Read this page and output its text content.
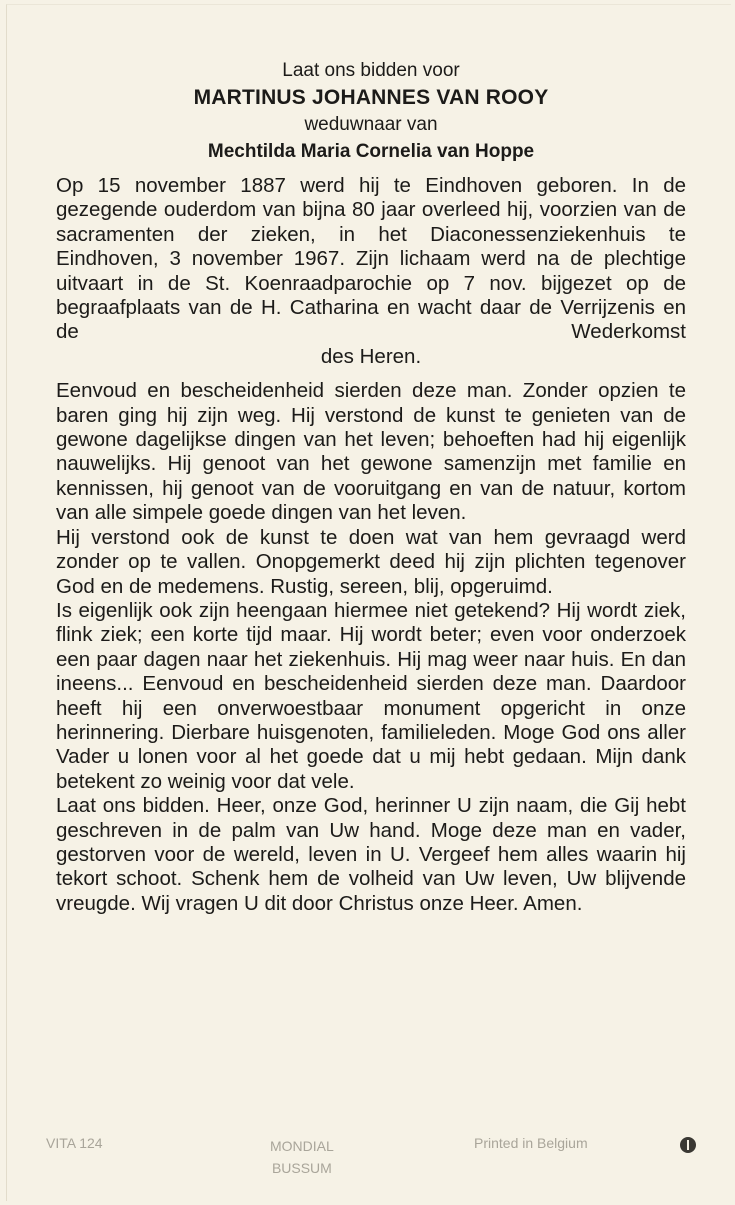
Laat ons bidden voor

MARTINUS JOHANNES VAN ROOY

weduwnaar van

Mechtilda Maria Cornelia van Hoppe

Op 15 november 1887 werd hij te Eindhoven geboren. In de gezegende ouderdom van bijna 80 jaar overleed hij, voorzien van de sacramenten der zieken, in het Diaconessenziekenhuis te Eindhoven, 3 november 1967. Zijn lichaam werd na de plechtige uitvaart in de St. Koenraadparochie op 7 nov. bijgezet op de begraafplaats van de H. Catharina en wacht daar de Verrijzenis en de Wederkomst

des Heren.

Eenvoud en bescheidenheid sierden deze man. Zonder opzien te baren ging hij zijn weg. Hij verstond de kunst te genieten van de gewone dagelijkse dingen van het leven; behoeften had hij eigenlijk nauwelijks. Hij genoot van het gewone samenzijn met familie en kennissen, hij genoot van de vooruitgang en van de natuur, kortom van alle simpele goede dingen van het leven.

Hij verstond ook de kunst te doen wat van hem gevraagd werd zonder op te vallen. Onopgemerkt deed hij zijn plichten tegenover God en de medemens. Rustig, sereen, blij, opgeruimd.

Is eigenlijk ook zijn heengaan hiermee niet getekend? Hij wordt ziek, flink ziek; een korte tijd maar. Hij wordt beter; even voor onderzoek een paar dagen naar het ziekenhuis. Hij mag weer naar huis. En dan ineens... Eenvoud en bescheidenheid sierden deze man. Daardoor heeft hij een onverwoestbaar monument opgericht in onze herinnering. Dierbare huisgenoten, familieleden. Moge God ons aller Vader u lonen voor al het goede dat u mij hebt gedaan. Mijn dank betekent zo weinig voor dat vele.

Laat ons bidden. Heer, onze God, herinner U zijn naam, die Gij hebt geschreven in de palm van Uw hand. Moge deze man en vader, gestorven voor de wereld, leven in U. Vergeef hem alles waarin hij tekort schoot. Schenk hem de volheid van Uw leven, Uw blijvende vreugde. Wij vragen U dit door Christus onze Heer. Amen.

VITA 124	MONDIAL
BUSSUM
Printed in Belgium
